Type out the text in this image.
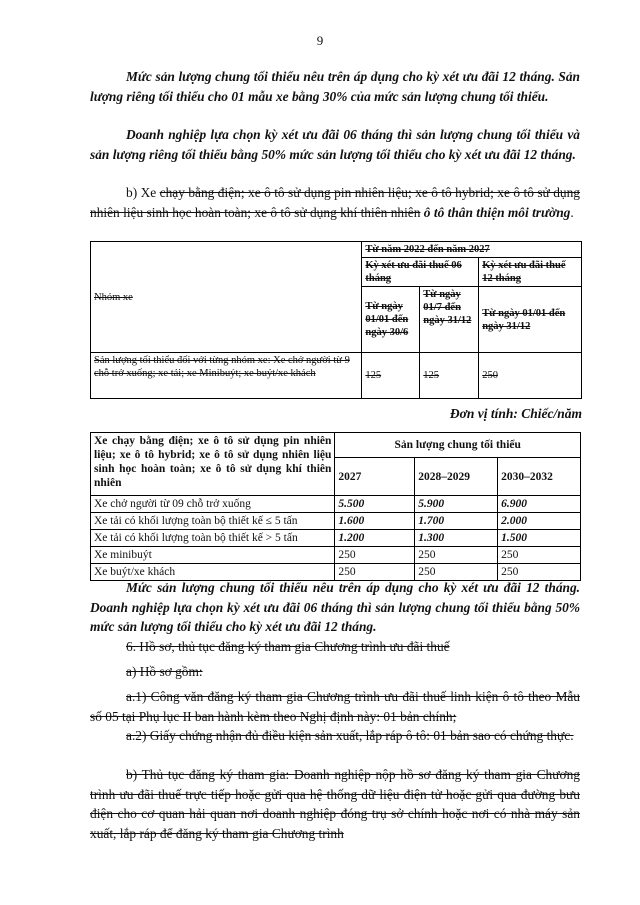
9

Mức sản lượng chung tối thiểu nêu trên áp dụng cho kỳ xét ưu đãi 12 tháng. Sản lượng riêng tối thiểu cho 01 mẫu xe bằng 30% của mức sản lượng chung tối thiểu.

Doanh nghiệp lựa chọn kỳ xét ưu đãi 06 tháng thì sản lượng chung tối thiểu và sản lượng riêng tối thiểu bằng 50% mức sản lượng tối thiểu cho kỳ xét ưu đãi 12 tháng.

b) Xe chạy bằng điện; xe ô tô sử dụng pin nhiên liệu; xe ô tô hybrid; xe ô tô sử dụng nhiên liệu sinh học hoàn toàn; xe ô tô sử dụng khí thiên nhiên ô tô thân thiện môi trường.

Nhóm xe	Từ năm 2022 đến năm 2027		
	Kỳ xét ưu đãi thuế 06 tháng		Kỳ xét ưu đãi thuế 12 tháng
	Từ ngày 01/01 đến ngày 30/6	Từ ngày 01/7 đến ngày 31/12	Từ ngày 01/01 đến ngày 31/12
Sản lượng tối thiểu đối với từng nhóm xe: Xe chở người từ 9 chỗ trở xuống; xe tải; xe Minibuýt; xe buýt/xe khách	125	125	250
Đơn vị tính: Chiếc/năm
Xe chạy bằng điện; xe ô tô sử dụng pin nhiên liệu; xe ô tô hybrid; xe ô tô sử dụng nhiên liệu sinh học hoàn toàn; xe ô tô sử dụng khí thiên nhiên	Sản lượng chung tối thiểu		
	2027	2028–2029	2030–2032
Xe chở người từ 09 chỗ trở xuống	5.500	5.900	6.900
Xe tải có khối lượng toàn bộ thiết kế ≤ 5 tấn	1.600	1.700	2.000
Xe tải có khối lượng toàn bộ thiết kế > 5 tấn	1.200	1.300	1.500
Xe minibuýt	250	250	250
Xe buýt/xe khách	250	250	250

Mức sản lượng chung tối thiểu nêu trên áp dụng cho kỳ xét ưu đãi 12 tháng. Doanh nghiệp lựa chọn kỳ xét ưu đãi 06 tháng thì sản lượng chung tối thiểu bằng 50% mức sản lượng tối thiểu cho kỳ xét ưu đãi 12 tháng.

6. Hồ sơ, thủ tục đăng ký tham gia Chương trình ưu đãi thuế

a) Hồ sơ gồm:

a.1) Công văn đăng ký tham gia Chương trình ưu đãi thuế linh kiện ô tô theo Mẫu số 05 tại Phụ lục II ban hành kèm theo Nghị định này: 01 bản chính;

a.2) Giấy chứng nhận đủ điều kiện sản xuất, lắp ráp ô tô: 01 bản sao có chứng thực.

b) Thủ tục đăng ký tham gia: Doanh nghiệp nộp hồ sơ đăng ký tham gia Chương trình ưu đãi thuế trực tiếp hoặc gửi qua hệ thống dữ liệu điện tử hoặc gửi qua đường bưu điện cho cơ quan hải quan nơi doanh nghiệp đóng trụ sở chính hoặc nơi có nhà máy sản xuất, lắp ráp để đăng ký tham gia Chương trình
